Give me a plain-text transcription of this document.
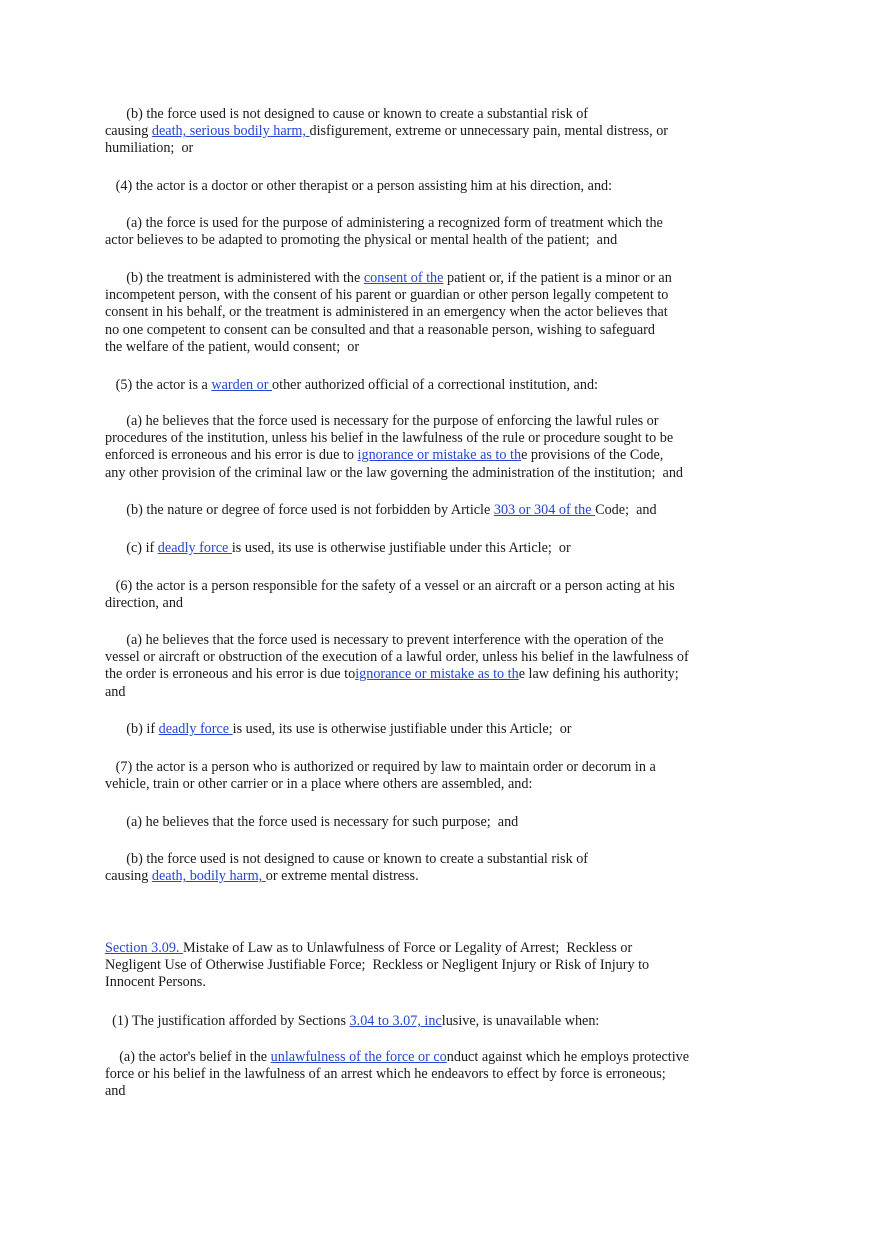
(b) the force used is not designed to cause or known to create a substantial risk of
causing death, serious bodily harm, disfigurement, extreme or unnecessary pain, mental distress, or
humiliation;  or

(4) the actor is a doctor or other therapist or a person assisting him at his direction, and:

(a) the force is used for the purpose of administering a recognized form of treatment which the
actor believes to be adapted to promoting the physical or mental health of the patient;  and

(b) the treatment is administered with the consent of the patient or, if the patient is a minor or an
incompetent person, with the consent of his parent or guardian or other person legally competent to
consent in his behalf, or the treatment is administered in an emergency when the actor believes that
no one competent to consent can be consulted and that a reasonable person, wishing to safeguard
the welfare of the patient, would consent;  or

(5) the actor is a warden or other authorized official of a correctional institution, and:

(a) he believes that the force used is necessary for the purpose of enforcing the lawful rules or
procedures of the institution, unless his belief in the lawfulness of the rule or procedure sought to be
enforced is erroneous and his error is due to ignorance or mistake as to the provisions of the Code,
any other provision of the criminal law or the law governing the administration of the institution;  and

(b) the nature or degree of force used is not forbidden by Article 303 or 304 of the Code;  and

(c) if deadly force is used, its use is otherwise justifiable under this Article;  or

(6) the actor is a person responsible for the safety of a vessel or an aircraft or a person acting at his
direction, and

(a) he believes that the force used is necessary to prevent interference with the operation of the
vessel or aircraft or obstruction of the execution of a lawful order, unless his belief in the lawfulness of
the order is erroneous and his error is due toignorance or mistake as to the law defining his authority;
and

(b) if deadly force is used, its use is otherwise justifiable under this Article;  or

(7) the actor is a person who is authorized or required by law to maintain order or decorum in a
vehicle, train or other carrier or in a place where others are assembled, and:

(a) he believes that the force used is necessary for such purpose;  and

(b) the force used is not designed to cause or known to create a substantial risk of
causing death, bodily harm, or extreme mental distress.

Section 3.09. Mistake of Law as to Unlawfulness of Force or Legality of Arrest;  Reckless or
Negligent Use of Otherwise Justifiable Force;  Reckless or Negligent Injury or Risk of Injury to
Innocent Persons.

(1) The justification afforded by Sections 3.04 to 3.07, inclusive, is unavailable when:

(a) the actor's belief in the unlawfulness of the force or conduct against which he employs protective
force or his belief in the lawfulness of an arrest which he endeavors to effect by force is erroneous;
and
